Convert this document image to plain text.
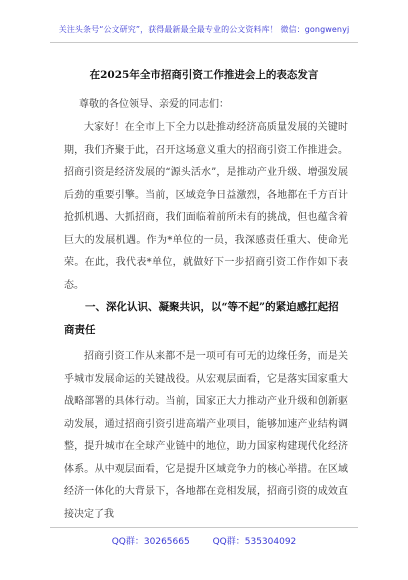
关注头条号“公文研究”，获得最新最全最专业的公文资料库！ 微信：gongwenyj
在2025年全市招商引资工作推进会上的表态发言
尊敬的各位领导、亲爱的同志们：

大家好！在全市上下全力以赴推动经济高质量发展的关键时期，我们齐聚于此，召开这场意义重大的招商引资工作推进会。招商引资是经济发展的“源头活水”，是推动产业升级、增强发展后劲的重要引擎。当前，区域竞争日益激烈，各地都在千方百计抢抓机遇、大抓招商，我们面临着前所未有的挑战，但也蕴含着巨大的发展机遇。作为*单位的一员，我深感责任重大、使命光荣。在此，我代表*单位，就做好下一步招商引资工作作如下表态。

一、深化认识、凝聚共识，以“等不起”的紧迫感扛起招商责任

招商引资工作从来都不是一项可有可无的边缘任务，而是关乎城市发展命运的关键战役。从宏观层面看，它是落实国家重大战略部署的具体行动。当前，国家正大力推动产业升级和创新驱动发展，通过招商引资引进高端产业项目，能够加速产业结构调整，提升城市在全球产业链中的地位，助力国家构建现代化经济体系。从中观层面看，它是提升区域竞争力的核心举措。在区域经济一体化的大背景下，各地都在竞相发展，招商引资的成效直接决定了我

QQ群：30265665	QQ群：535304092
